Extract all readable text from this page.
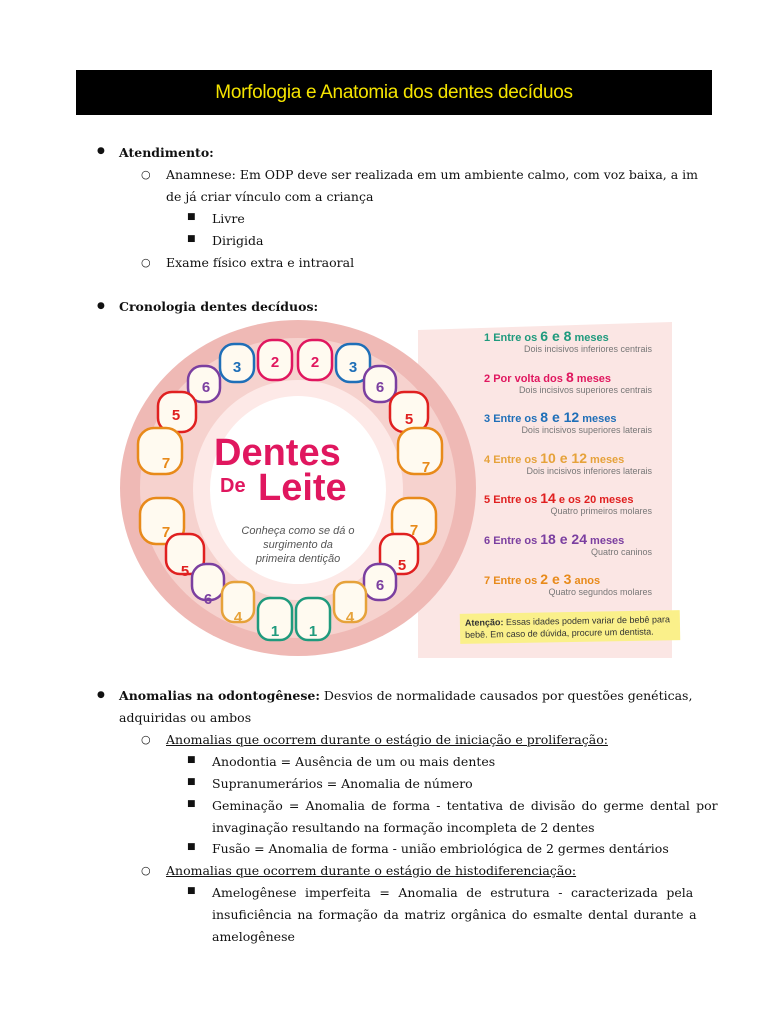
Morfologia e Anatomia dos dentes decíduos
● Atendimento:
○ Anamnese: Em ODP deve ser realizada em um ambiente calmo, com voz baixa, a im
de já criar vínculo com a criança
■ Livre
■ Dirigida
○ Exame físico extra e intraoral
● Cronologia dentes decíduos:
2 2
3	3
6	6
5	5
7	7
7	7
5	5
6
6
4	4
1 1
Dentes
De Leite
Conheça como se dá o
surgimento da
primeira dentição
1 Entre os 6 e 8 meses
Dois incisivos inferiores centrais
2 Por volta dos 8 meses
Dois incisivos superiores centrais
3 Entre os 8 e 12 meses
Dois incisivos superiores laterais
4 Entre os 10 e 12 meses
Dois incisivos inferiores laterais
5 Entre os 14 e os 20 meses
Quatro primeiros molares
6 Entre os 18 e 24 meses
Quatro caninos
7 Entre os 2 e 3 anos
Quatro segundos molares
Atenção: Essas idades podem variar de bebê para
bebê. Em caso de dúvida, procure um dentista.
● Anomalias na odontogênese: Desvios de normalidade causados por questões genéticas,
adquiridas ou ambos
○ Anomalias que ocorrem durante o estágio de iniciação e proliferação:
■ Anodontia = Ausência de um ou mais dentes
■ Supranumerários = Anomalia de número
■ Geminação = Anomalia de forma - tentativa de divisão do germe dental por
invaginação resultando na formação incompleta de 2 dentes
■ Fusão = Anomalia de forma - união embriológica de 2 germes dentários
○ Anomalias que ocorrem durante o estágio de histodiferenciação:
■ Amelogênese imperfeita = Anomalia de estrutura - caracterizada pela
insuficiência na formação da matriz orgânica do esmalte dental durante a
amelogênese
